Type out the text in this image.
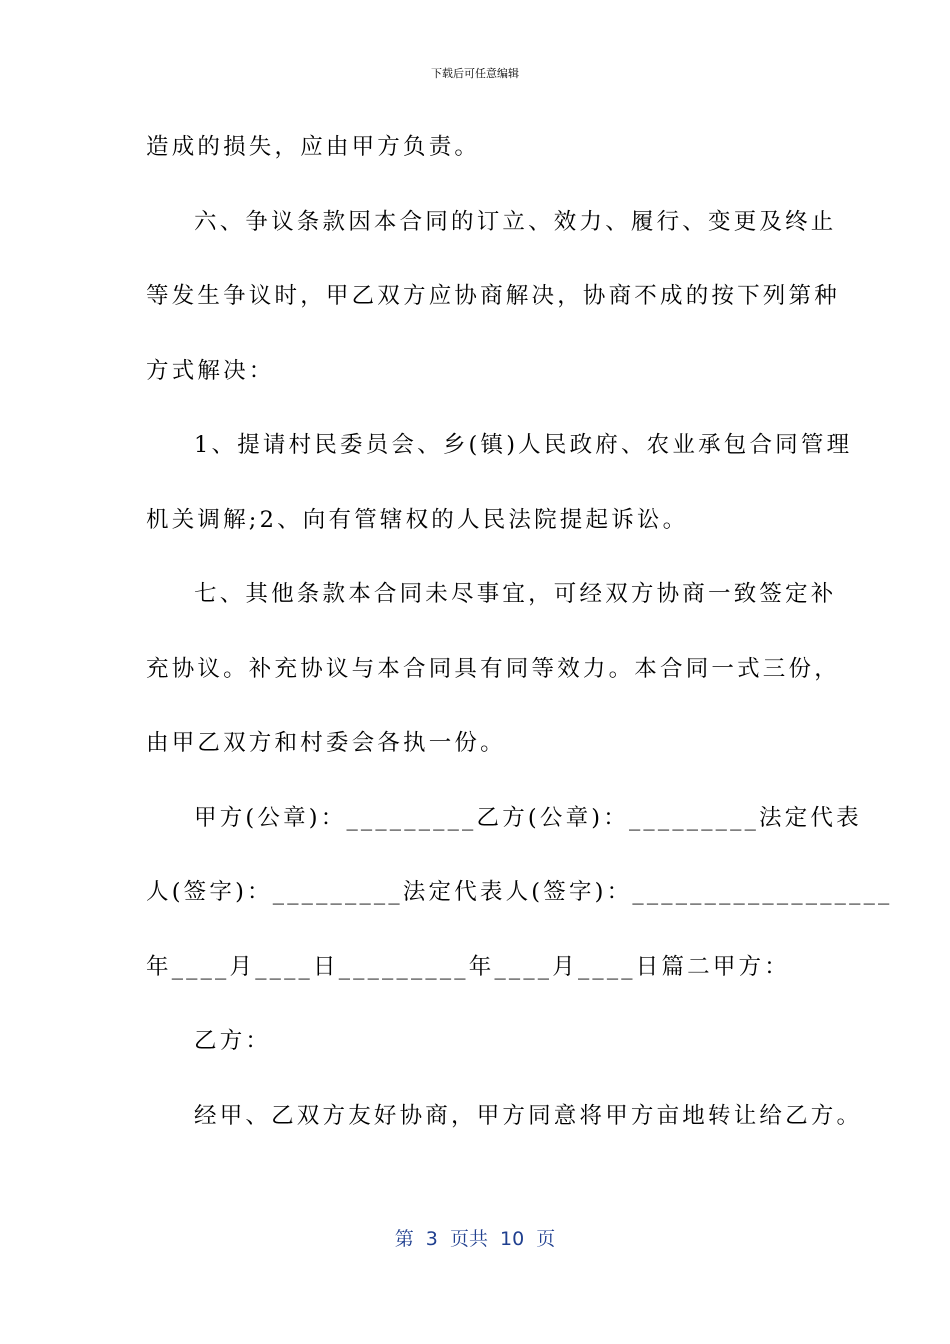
下载后可任意编辑
造成的损失，应由甲方负责。
六、争议条款因本合同的订立、效力、履行、变更及终止
等发生争议时，甲乙双方应协商解决，协商不成的按下列第种
方式解决：
1、提请村民委员会、乡(镇)人民政府、农业承包合同管理
机关调解;2、向有管辖权的人民法院提起诉讼。
七、其他条款本合同未尽事宜，可经双方协商一致签定补
充协议。补充协议与本合同具有同等效力。本合同一式三份，
由甲乙双方和村委会各执一份。
甲方(公章)：_________乙方(公章)：_________法定代表
人(签字)：_________法定代表人(签字)：__________________
年____月____日_________年____月____日篇二甲方：
乙方：
经甲、乙双方友好协商，甲方同意将甲方亩地转让给乙方。
第  3  页共  10  页
